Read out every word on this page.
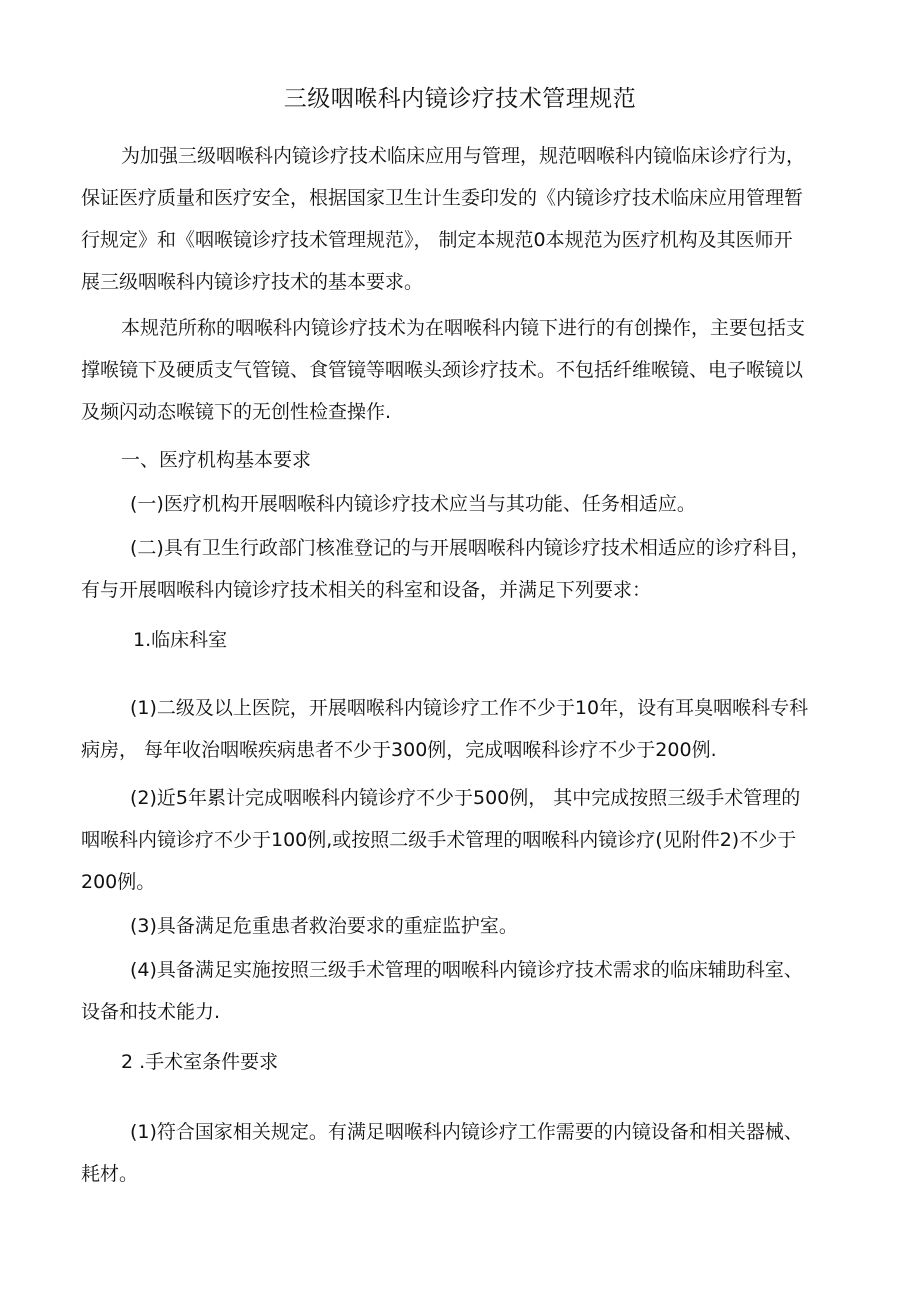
三级咽喉科内镜诊疗技术管理规范
为加强三级咽喉科内镜诊疗技术临床应用与管理，规范咽喉科内镜临床诊疗行为，
保证医疗质量和医疗安全，根据国家卫生计生委印发的《内镜诊疗技术临床应用管理暂
行规定》和《咽喉镜诊疗技术管理规范》， 制定本规范0本规范为医疗机构及其医师开
展三级咽喉科内镜诊疗技术的基本要求。
本规范所称的咽喉科内镜诊疗技术为在咽喉科内镜下进行的有创操作，主要包括支
撑喉镜下及硬质支气管镜、食管镜等咽喉头颈诊疗技术。不包括纤维喉镜、电子喉镜以
及频闪动态喉镜下的无创性检查操作.
一、医疗机构基本要求
(一)医疗机构开展咽喉科内镜诊疗技术应当与其功能、任务相适应。
(二)具有卫生行政部门核准登记的与开展咽喉科内镜诊疗技术相适应的诊疗科目，
有与开展咽喉科内镜诊疗技术相关的科室和设备，并满足下列要求：
1.临床科室
(1)二级及以上医院，开展咽喉科内镜诊疗工作不少于10年，设有耳臭咽喉科专科
病房， 每年收治咽喉疾病患者不少于300例，完成咽喉科诊疗不少于200例.
(2)近5年累计完成咽喉科内镜诊疗不少于500例， 其中完成按照三级手术管理的
咽喉科内镜诊疗不少于100例,或按照二级手术管理的咽喉科内镜诊疗(见附件2)不少于
200例。
(3)具备满足危重患者救治要求的重症监护室。
(4)具备满足实施按照三级手术管理的咽喉科内镜诊疗技术需求的临床辅助科室、
设备和技术能力.
2 .手术室条件要求
(1)符合国家相关规定。有满足咽喉科内镜诊疗工作需要的内镜设备和相关器械、
耗材。
